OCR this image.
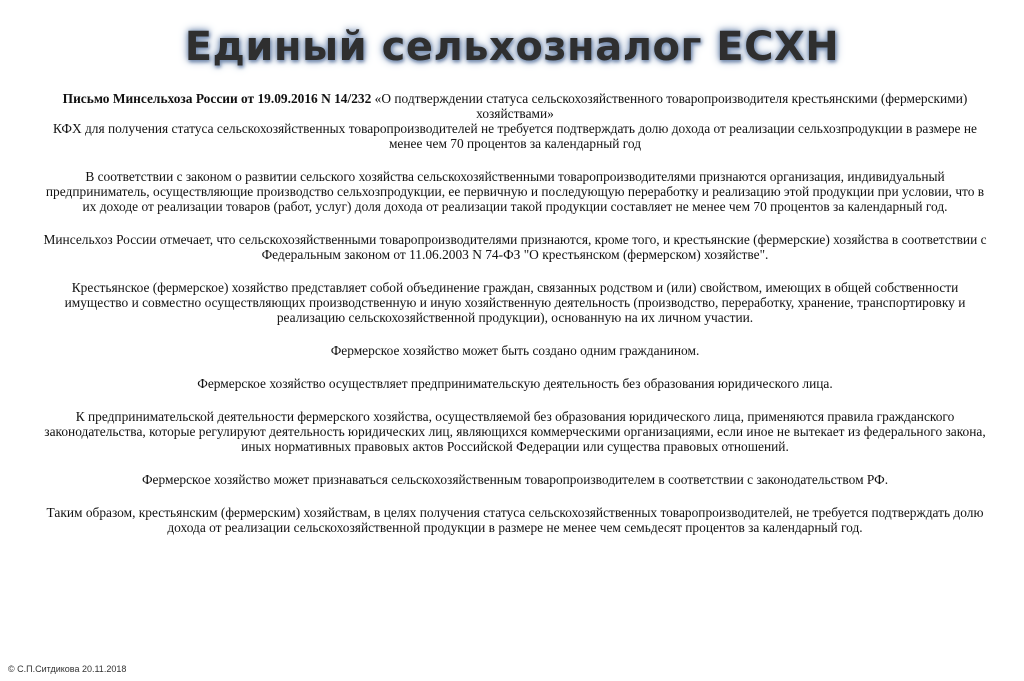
Единый сельхозналог ЕСХН

Письмо Минсельхоза России от 19.09.2016 N 14/232 «О подтверждении статуса сельскохозяйственного товаропроизводителя крестьянскими (фермерскими) хозяйствами»

КФХ для получения статуса сельскохозяйственных товаропроизводителей не требуется подтверждать долю дохода от реализации сельхозпродукции в размере не менее чем 70 процентов за календарный год

В соответствии с законом о развитии сельского хозяйства сельскохозяйственными товаропроизводителями признаются организация, индивидуальный предприниматель, осуществляющие производство сельхозпродукции, ее первичную и последующую переработку и реализацию этой продукции при условии, что в их доходе от реализации товаров (работ, услуг) доля дохода от реализации такой продукции составляет не менее чем 70 процентов за календарный год.

Минсельхоз России отмечает, что сельскохозяйственными товаропроизводителями признаются, кроме того, и крестьянские (фермерские) хозяйства в соответствии с Федеральным законом от 11.06.2003 N 74-ФЗ "О крестьянском (фермерском) хозяйстве".

Крестьянское (фермерское) хозяйство представляет собой объединение граждан, связанных родством и (или) свойством, имеющих в общей собственности имущество и совместно осуществляющих производственную и иную хозяйственную деятельность (производство, переработку, хранение, транспортировку и реализацию сельскохозяйственной продукции), основанную на их личном участии.

Фермерское хозяйство может быть создано одним гражданином.

Фермерское хозяйство осуществляет предпринимательскую деятельность без образования юридического лица.

К предпринимательской деятельности фермерского хозяйства, осуществляемой без образования юридического лица, применяются правила гражданского законодательства, которые регулируют деятельность юридических лиц, являющихся коммерческими организациями, если иное не вытекает из федерального закона, иных нормативных правовых актов Российской Федерации или существа правовых отношений.

Фермерское хозяйство может признаваться сельскохозяйственным товаропроизводителем в соответствии с законодательством РФ.

Таким образом, крестьянским (фермерским) хозяйствам, в целях получения статуса сельскохозяйственных товаропроизводителей, не требуется подтверждать долю дохода от реализации сельскохозяйственной продукции в размере не менее чем семьдесят процентов за календарный год.

© С.П.Ситдикова 20.11.2018
